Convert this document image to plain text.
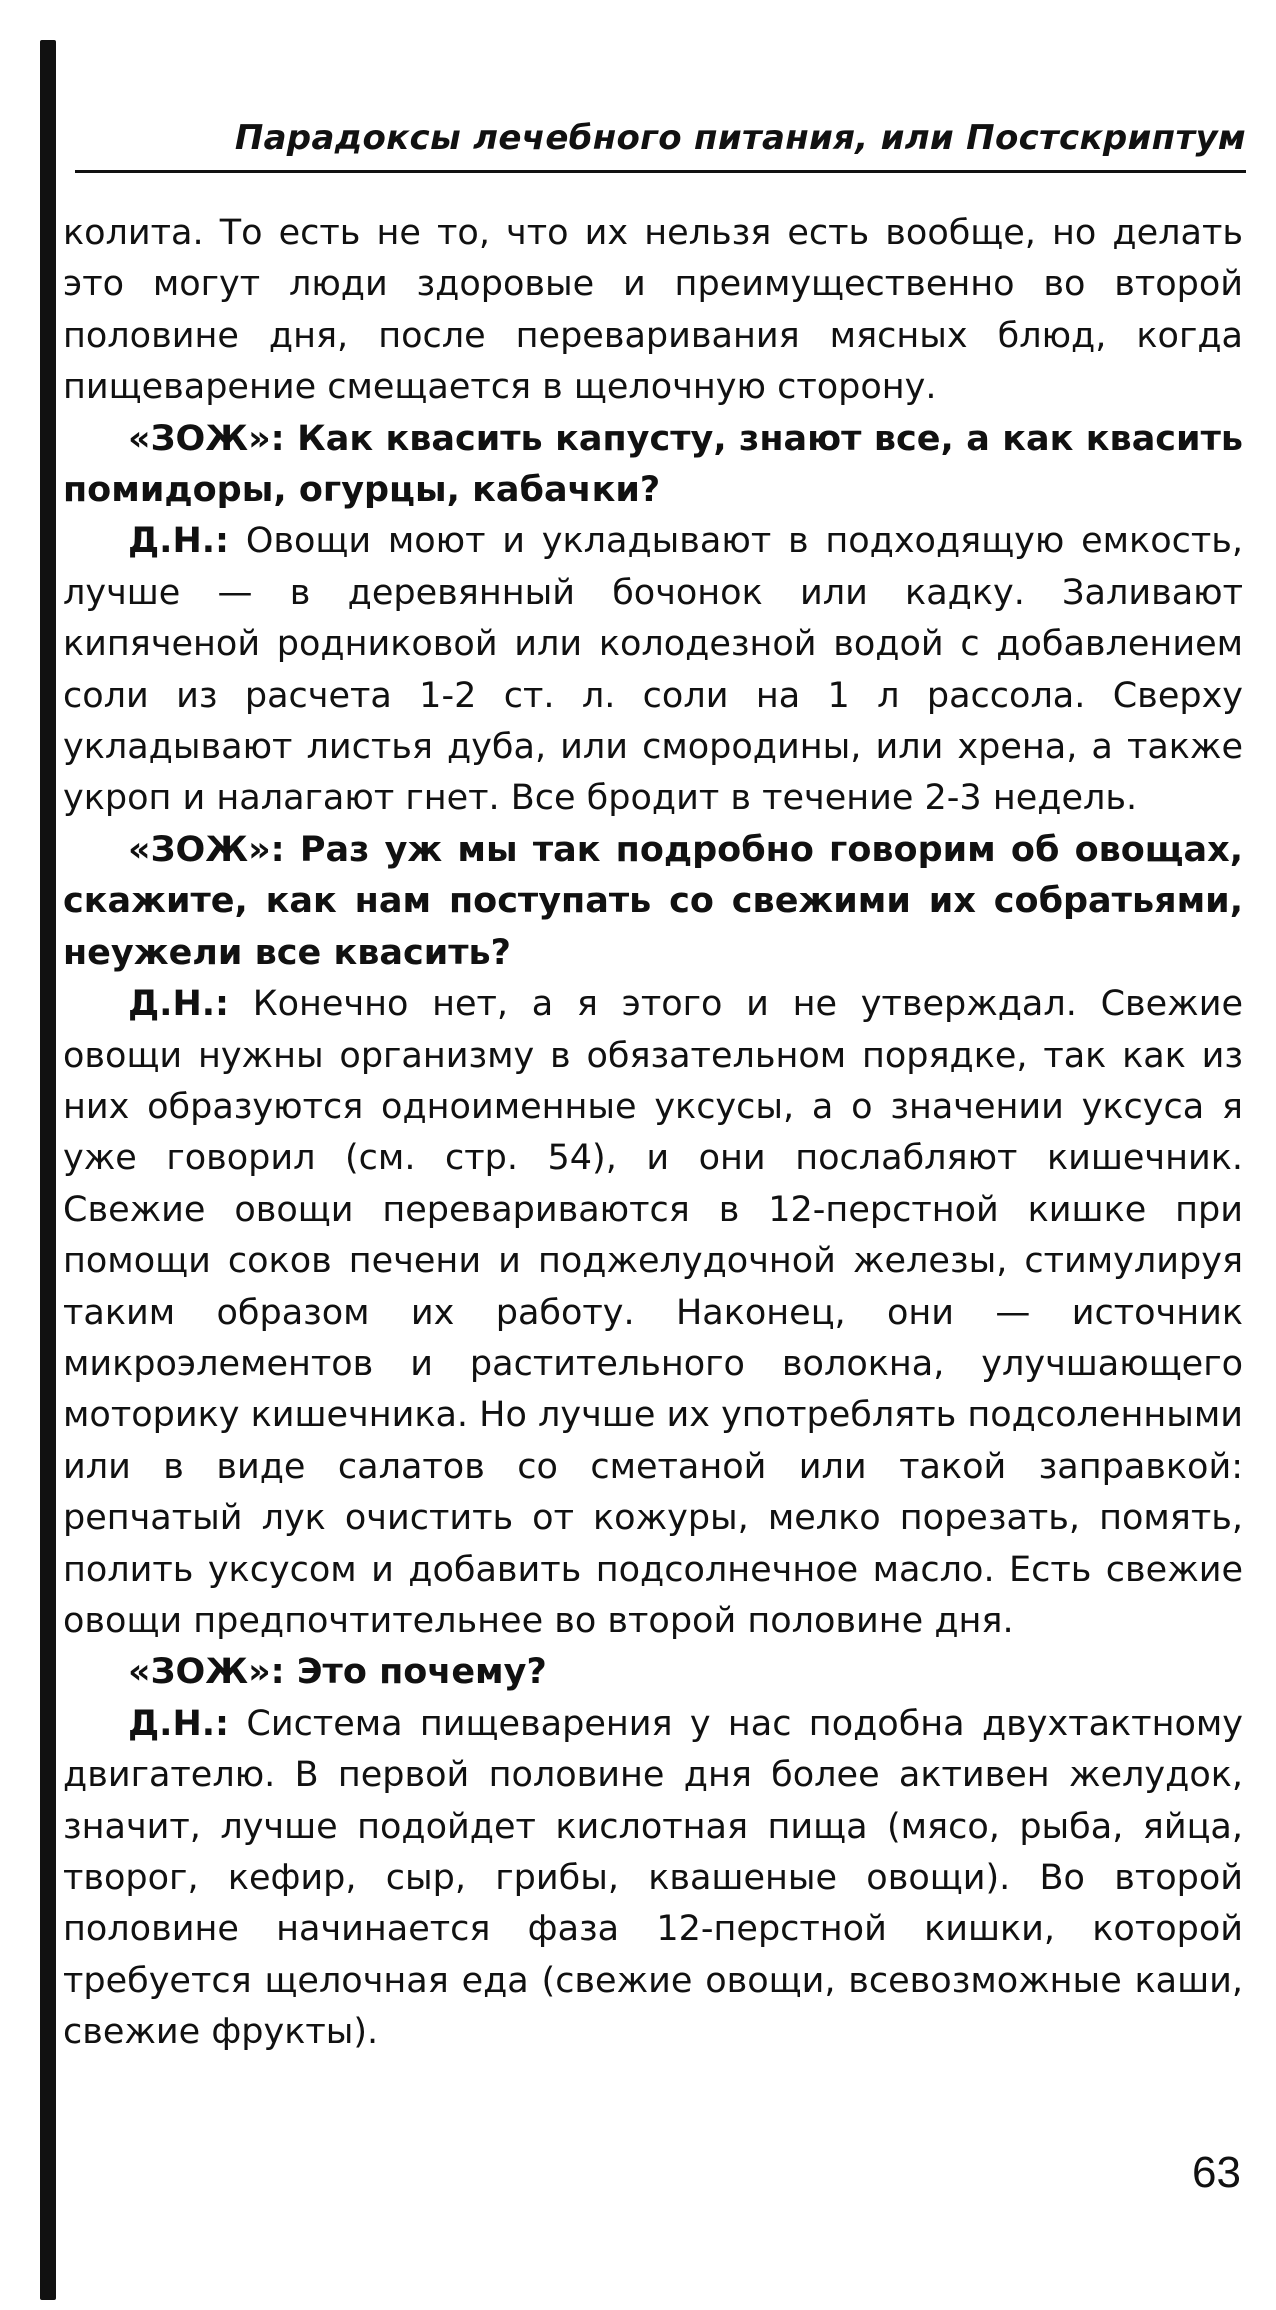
Парадоксы лечебного питания, или Постскриптум

колита. То есть не то, что их нельзя есть вообще, но делать это могут люди здоровые и преимущественно во второй половине дня, после переваривания мясных блюд, когда пищеварение смещается в щелочную сторону.

«ЗОЖ»: Как квасить капусту, знают все, а как квасить помидоры, огурцы, кабачки?

Д.Н.: Овощи моют и укладывают в подходящую емкость, лучше — в деревянный бочонок или кадку. Заливают кипяченой родниковой или колодезной водой с добавлением соли из расчета 1-2 ст. л. соли на 1 л рассола. Сверху укладывают листья дуба, или смородины, или хрена, а также укроп и налагают гнет. Все бродит в течение 2-3 недель.

«ЗОЖ»: Раз уж мы так подробно говорим об овощах, скажите, как нам поступать со свежими их собратьями, неужели все квасить?

Д.Н.: Конечно нет, а я этого и не утверждал. Свежие овощи нужны организму в обязательном порядке, так как из них образуются одноименные уксусы, а о значении уксуса я уже говорил (см. стр. 54), и они послабляют кишечник. Свежие овощи перевариваются в 12-перстной кишке при помощи соков печени и поджелудочной железы, стимулируя таким образом их работу. Наконец, они — источник микроэлементов и растительного волокна, улучшающего моторику кишечника. Но лучше их употреблять подсоленными или в виде салатов со сметаной или такой заправкой: репчатый лук очистить от кожуры, мелко порезать, помять, полить уксусом и добавить подсолнечное масло. Есть свежие овощи предпочтительнее во второй половине дня.

«ЗОЖ»: Это почему?

Д.Н.: Система пищеварения у нас подобна двухтактному двигателю. В первой половине дня более активен желудок, значит, лучше подойдет кислотная пища (мясо, рыба, яйца, творог, кефир, сыр, грибы, квашеные овощи). Во второй половине начинается фаза 12-перстной кишки, которой требуется щелочная еда (свежие овощи, всевозможные каши, свежие фрукты).

63
